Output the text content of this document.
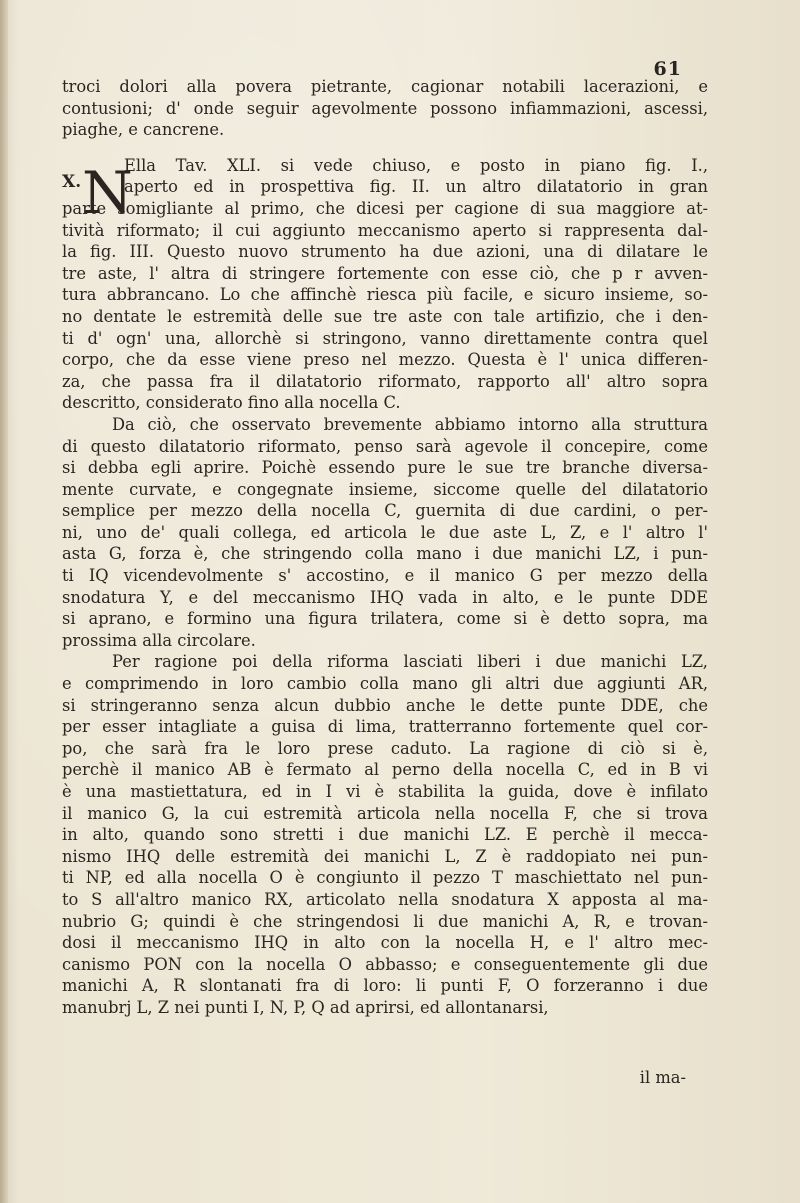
61
troci dolori alla povera pietrante, cagionar notabili lacerazioni, e
contusioni; d' onde seguir agevolmente possono infiammazioni, ascessi,
piaghe, e cancrene.
Ella Tav. XLI. si vede chiuso, e posto in piano fig. I.,
aperto ed in prospettiva fig. II. un altro dilatatorio in gran
parte somigliante al primo, che dicesi per cagione di sua maggiore at-
tività riformato; il cui aggiunto meccanismo aperto si rappresenta dal-
la fig. III. Questo nuovo strumento ha due azioni, una di dilatare le
tre aste, l' altra di stringere fortemente con esse ciò, che p r avven-
tura abbrancano. Lo che affinchè riesca più facile, e sicuro insieme, so-
no dentate le estremità delle sue tre aste con tale artifizio, che i den-
ti d' ogn' una, allorchè si stringono, vanno direttamente contra quel
corpo, che da esse viene preso nel mezzo. Questa è l' unica differen-
za, che passa fra il dilatatorio riformato, rapporto all' altro sopra
descritto, considerato fino alla nocella C.
Da ciò, che osservato brevemente abbiamo intorno alla struttura
di questo dilatatorio riformato, penso sarà agevole il concepire, come
si debba egli aprire. Poichè essendo pure le sue tre branche diversa-
mente curvate, e congegnate insieme, siccome quelle del dilatatorio
semplice per mezzo della nocella C, guernita di due cardini, o per-
ni, uno de' quali collega, ed articola le due aste L, Z, e l' altro l'
asta G, forza è, che stringendo colla mano i due manichi LZ, i pun-
ti IQ vicendevolmente s' accostino, e il manico G per mezzo della
snodatura Y, e del meccanismo IHQ vada in alto, e le punte DDE
si aprano, e formino una figura trilatera, come si è detto sopra, ma
prossima alla circolare.
Per ragione poi della riforma lasciati liberi i due manichi LZ,
e comprimendo in loro cambio colla mano gli altri due aggiunti AR,
si stringeranno senza alcun dubbio anche le dette punte DDE, che
per esser intagliate a guisa di lima, tratterranno fortemente quel cor-
po, che sarà fra le loro prese caduto. La ragione di ciò si è,
perchè il manico AB è fermato al perno della nocella C, ed in B vi
è una mastiettatura, ed in I vi è stabilita la guida, dove è infilato
il manico G, la cui estremità articola nella nocella F, che si trova
in alto, quando sono stretti i due manichi LZ. E perchè il mecca-
nismo IHQ delle estremità dei manichi L, Z è raddopiato nei pun-
ti NP, ed alla nocella O è congiunto il pezzo T maschiettato nel pun-
to S all'altro manico RX, articolato nella snodatura X apposta al ma-
nubrio G; quindi è che stringendosi li due manichi A, R, e trovan-
dosi il meccanismo IHQ in alto con la nocella H, e l' altro mec-
canismo PON con la nocella O abbasso; e conseguentemente gli due
manichi A, R slontanati fra di loro: li punti F, O forzeranno i due
manubrj L, Z nei punti I, N, P, Q ad aprirsi, ed allontanarsi,
X. N
il ma-
